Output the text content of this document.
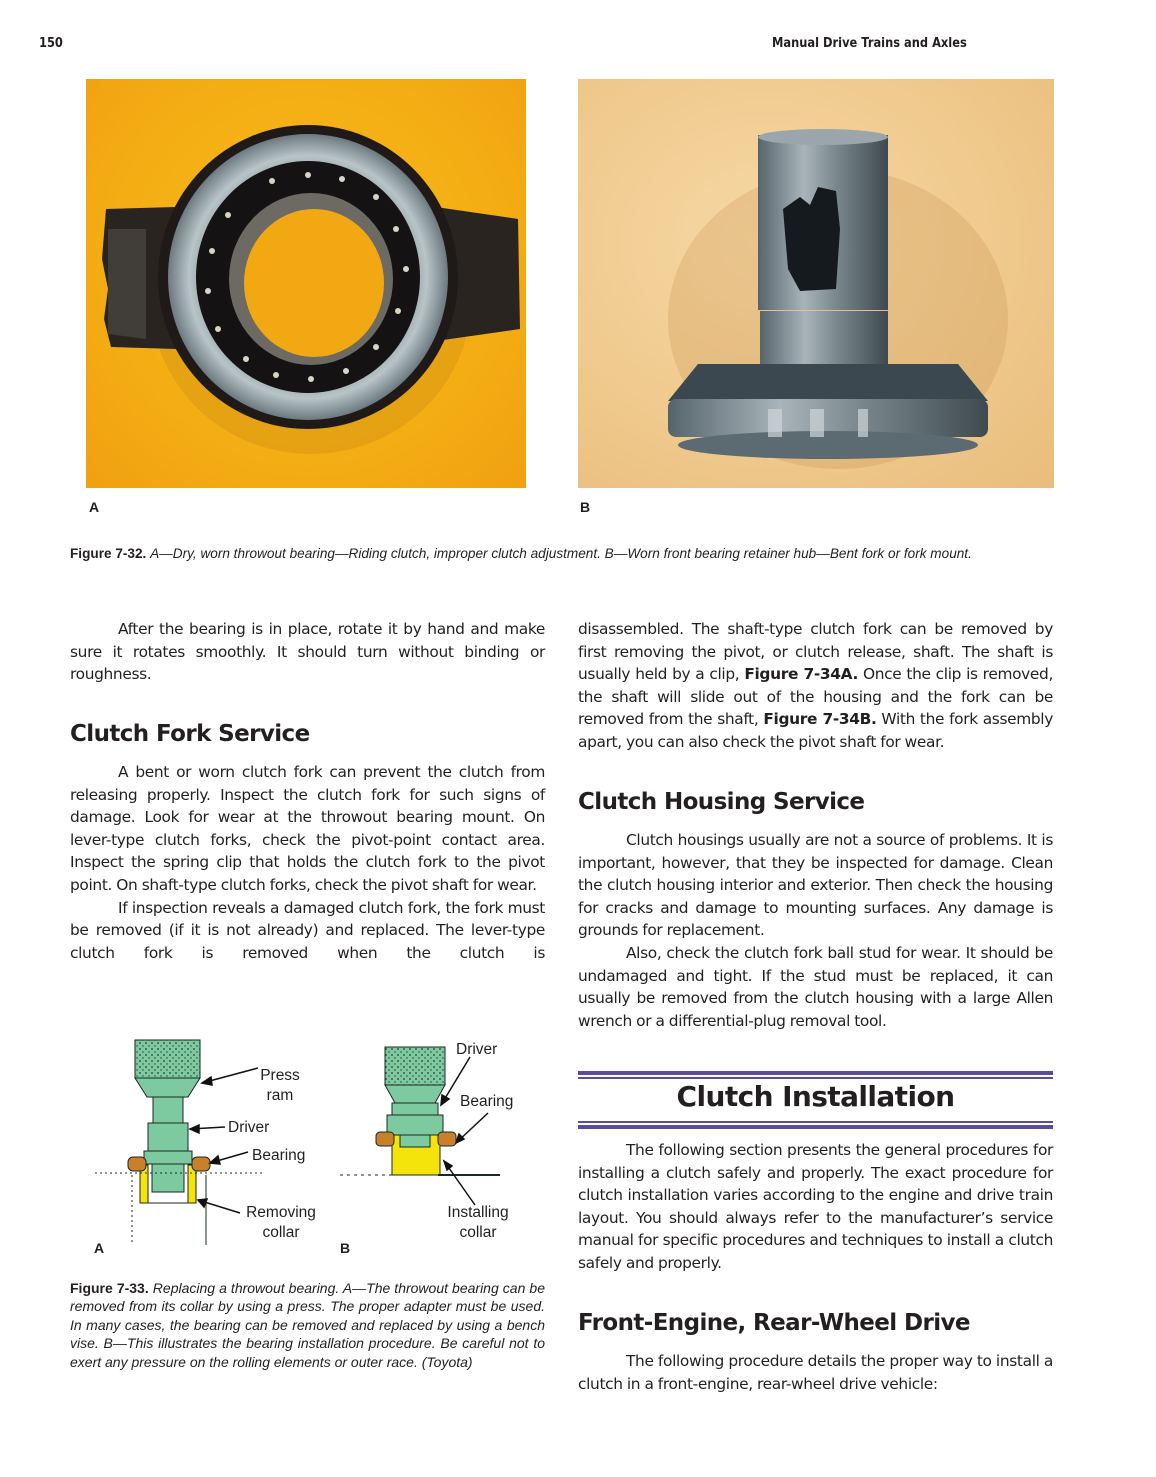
150	Manual Drive Trains and Axles
A	B
Figure 7-32. A—Dry, worn throwout bearing—Riding clutch, improper clutch adjustment. B—Worn front bearing retainer hub—Bent fork or fork mount.

After the bearing is in place, rotate it by hand and make sure it rotates smoothly. It should turn without binding or roughness.

Clutch Fork Service

A bent or worn clutch fork can prevent the clutch from releasing properly. Inspect the clutch fork for such signs of damage. Look for wear at the throwout bearing mount. On lever-type clutch forks, check the pivot-point contact area. Inspect the spring clip that holds the clutch fork to the pivot point. On shaft-type clutch forks, check the pivot shaft for wear.

If inspection reveals a damaged clutch fork, the fork must be removed (if it is not already) and replaced. The lever-type clutch fork is removed when the clutch is

Press ram
Driver
Bearing
Removing collar
A
Driver
Bearing
Installing collar
B
Figure 7-33. Replacing a throwout bearing. A—The throwout bearing can be removed from its collar by using a press. The proper adapter must be used. In many cases, the bearing can be removed and replaced by using a bench vise. B—This illustrates the bearing installation procedure. Be careful not to exert any pressure on the rolling elements or outer race. (Toyota)

disassembled. The shaft-type clutch fork can be removed by first removing the pivot, or clutch release, shaft. The shaft is usually held by a clip, Figure 7-34A. Once the clip is removed, the shaft will slide out of the housing and the fork can be removed from the shaft, Figure 7-34B. With the fork assembly apart, you can also check the pivot shaft for wear.

Clutch Housing Service

Clutch housings usually are not a source of problems. It is important, however, that they be inspected for damage. Clean the clutch housing interior and exterior. Then check the housing for cracks and damage to mounting surfaces. Any damage is grounds for replacement.

Also, check the clutch fork ball stud for wear. It should be undamaged and tight. If the stud must be replaced, it can usually be removed from the clutch housing with a large Allen wrench or a differential-plug removal tool.

Clutch Installation

The following section presents the general procedures for installing a clutch safely and properly. The exact procedure for clutch installation varies according to the engine and drive train layout. You should always refer to the manufacturer’s service manual for specific procedures and techniques to install a clutch safely and properly.

Front-Engine, Rear-Wheel Drive

The following procedure details the proper way to install a clutch in a front-engine, rear-wheel drive vehicle:
